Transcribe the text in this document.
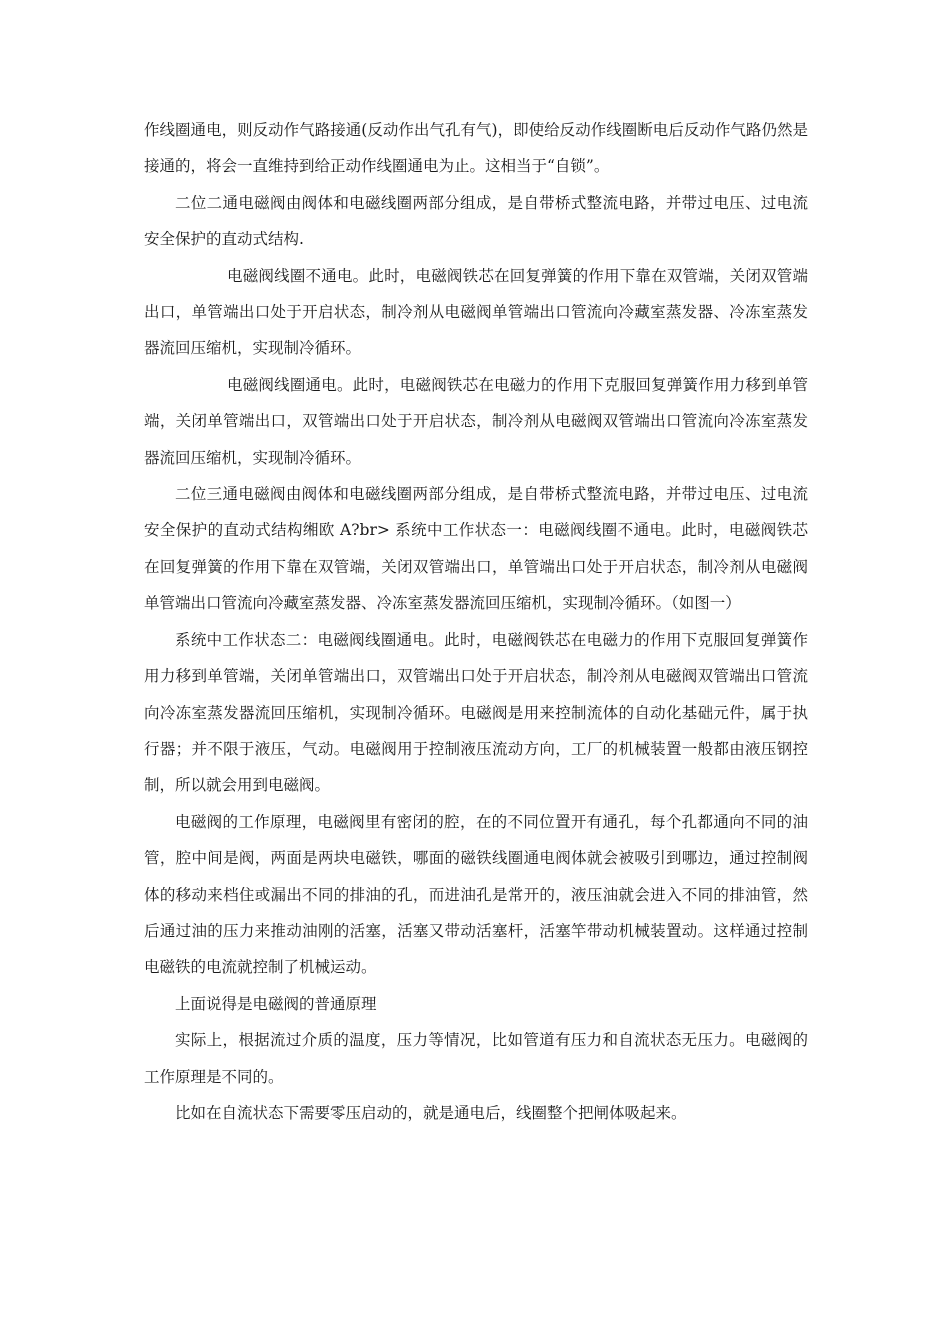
作线圈通电，则反动作气路接通(反动作出气孔有气)，即使给反动作线圈断电后反动作气路仍然是接通的，将会一直维持到给正动作线圈通电为止。这相当于“自锁”。

二位二通电磁阀由阀体和电磁线圈两部分组成，是自带桥式整流电路，并带过电压、过电流安全保护的直动式结构.

电磁阀线圈不通电。此时，电磁阀铁芯在回复弹簧的作用下靠在双管端，关闭双管端出口，单管端出口处于开启状态，制冷剂从电磁阀单管端出口管流向冷藏室蒸发器、冷冻室蒸发器流回压缩机，实现制冷循环。

电磁阀线圈通电。此时，电磁阀铁芯在电磁力的作用下克服回复弹簧作用力移到单管端，关闭单管端出口，双管端出口处于开启状态，制冷剂从电磁阀双管端出口管流向冷冻室蒸发器流回压缩机，实现制冷循环。

二位三通电磁阀由阀体和电磁线圈两部分组成，是自带桥式整流电路，并带过电压、过电流安全保护的直动式结构缃欧 A?br> 系统中工作状态一：电磁阀线圈不通电。此时，电磁阀铁芯在回复弹簧的作用下靠在双管端，关闭双管端出口，单管端出口处于开启状态，制冷剂从电磁阀单管端出口管流向冷藏室蒸发器、冷冻室蒸发器流回压缩机，实现制冷循环。（如图一）

系统中工作状态二：电磁阀线圈通电。此时，电磁阀铁芯在电磁力的作用下克服回复弹簧作用力移到单管端，关闭单管端出口，双管端出口处于开启状态，制冷剂从电磁阀双管端出口管流向冷冻室蒸发器流回压缩机，实现制冷循环。电磁阀是用来控制流体的自动化基础元件，属于执行器；并不限于液压，气动。电磁阀用于控制液压流动方向，工厂的机械装置一般都由液压钢控制，所以就会用到电磁阀。

电磁阀的工作原理，电磁阀里有密闭的腔，在的不同位置开有通孔，每个孔都通向不同的油管，腔中间是阀，两面是两块电磁铁，哪面的磁铁线圈通电阀体就会被吸引到哪边，通过控制阀体的移动来档住或漏出不同的排油的孔，而进油孔是常开的，液压油就会进入不同的排油管，然后通过油的压力来推动油刚的活塞，活塞又带动活塞杆，活塞竿带动机械装置动。这样通过控制电磁铁的电流就控制了机械运动。

上面说得是电磁阀的普通原理

实际上，根据流过介质的温度，压力等情况，比如管道有压力和自流状态无压力。电磁阀的工作原理是不同的。

比如在自流状态下需要零压启动的，就是通电后，线圈整个把闸体吸起来。
